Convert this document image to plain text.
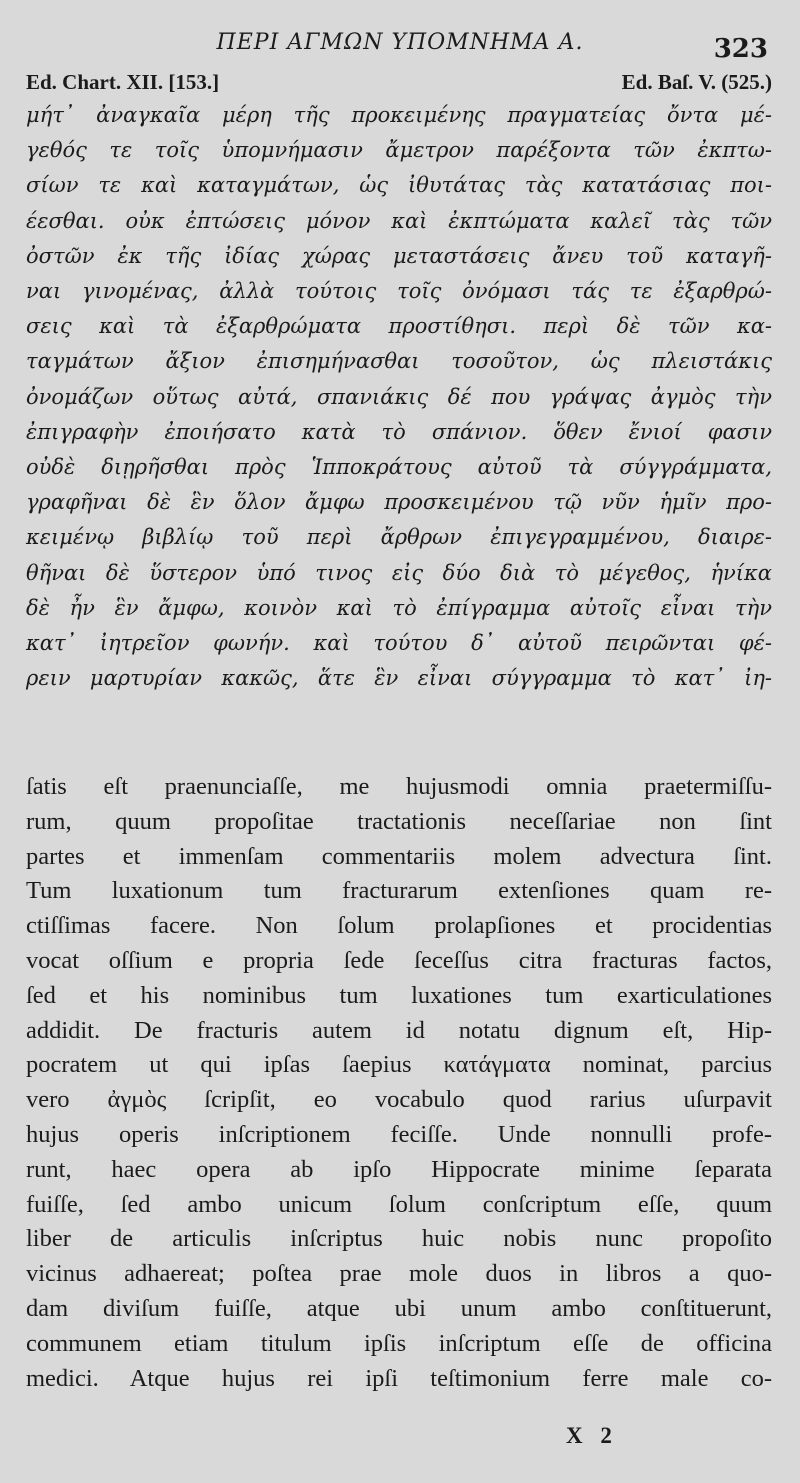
ΠΕΡΙ ΑΓΜΩΝ ΥΠΟΜΝΗΜΑ Α.	323
Ed. Chart. XII. [153.]	Ed. Baſ. V. (525.)
μήτ᾽ ἀναγκαῖα μέρη τῆς προκειμένης πραγματείας ὄντα μέ-
γεθός τε τοῖς ὑπομνήμασιν ἄμετρον παρέξοντα τῶν ἐκπτω-
σίων τε καὶ καταγμάτων, ὡς ἰθυτάτας τὰς κατατάσιας ποι-
έεσθαι. οὐκ ἐπτώσεις μόνον καὶ ἐκπτώματα καλεῖ τὰς τῶν
ὀστῶν ἐκ τῆς ἰδίας χώρας μεταστάσεις ἄνευ τοῦ καταγῆ-
ναι γινομένας, ἀλλὰ τούτοις τοῖς ὀνόμασι τάς τε ἐξαρθρώ-
σεις καὶ τὰ ἐξαρθρώματα προστίθησι. περὶ δὲ τῶν κα-
ταγμάτων ἄξιον ἐπισημήνασθαι τοσοῦτον, ὡς πλειστάκις
ὀνομάζων οὕτως αὐτά, σπανιάκις δέ που γράψας ἀγμὸς τὴν
ἐπιγραφὴν ἐποιήσατο κατὰ τὸ σπάνιον. ὅθεν ἔνιοί φασιν
οὐδὲ διῃρῆσθαι πρὸς Ἱπποκράτους αὐτοῦ τὰ σύγγράμματα,
γραφῆναι δὲ ἓν ὅλον ἄμφω προσκειμένου τῷ νῦν ἡμῖν προ-
κειμένῳ βιβλίῳ τοῦ περὶ ἄρθρων ἐπιγεγραμμένου, διαιρε-
θῆναι δὲ ὕστερον ὑπό τινος εἰς δύο διὰ τὸ μέγεθος, ἡνίκα
δὲ ἦν ἓν ἄμφω, κοινὸν καὶ τὸ ἐπίγραμμα αὐτοῖς εἶναι τὴν
κατ᾽ ἰητρεῖον φωνήν. καὶ τούτου δ᾽ αὐτοῦ πειρῶνται φέ-
ρειν μαρτυρίαν κακῶς, ἅτε ἓν εἶναι σύγγραμμα τὸ κατ᾽ ἰη-
ſatis eſt praenunciaſſe, me hujusmodi omnia praetermiſſu-
rum, quum propoſitae tractationis neceſſariae non ſint
partes et immenſam commentariis molem advectura ſint.
Tum luxationum tum fracturarum extenſiones quam re-
ctiſſimas facere. Non ſolum prolapſiones et procidentias
vocat oſſium e propria ſede ſeceſſus citra fracturas factos,
ſed et his nominibus tum luxationes tum exarticulationes
addidit. De fracturis autem id notatu dignum eſt, Hip-
pocratem ut qui ipſas ſaepius κατάγματα nominat, parcius
vero ἀγμὸς ſcripſit, eo vocabulo quod rarius uſurpavit
hujus operis inſcriptionem feciſſe. Unde nonnulli profe-
runt, haec opera ab ipſo Hippocrate minime ſeparata
fuiſſe, ſed ambo unicum ſolum conſcriptum eſſe, quum
liber de articulis inſcriptus huic nobis nunc propoſito
vicinus adhaereat; poſtea prae mole duos in libros a quo-
dam diviſum fuiſſe, atque ubi unum ambo conſtituerunt,
communem etiam titulum ipſis inſcriptum eſſe de officina
medici. Atque hujus rei ipſi teſtimonium ferre male co-
X 2
